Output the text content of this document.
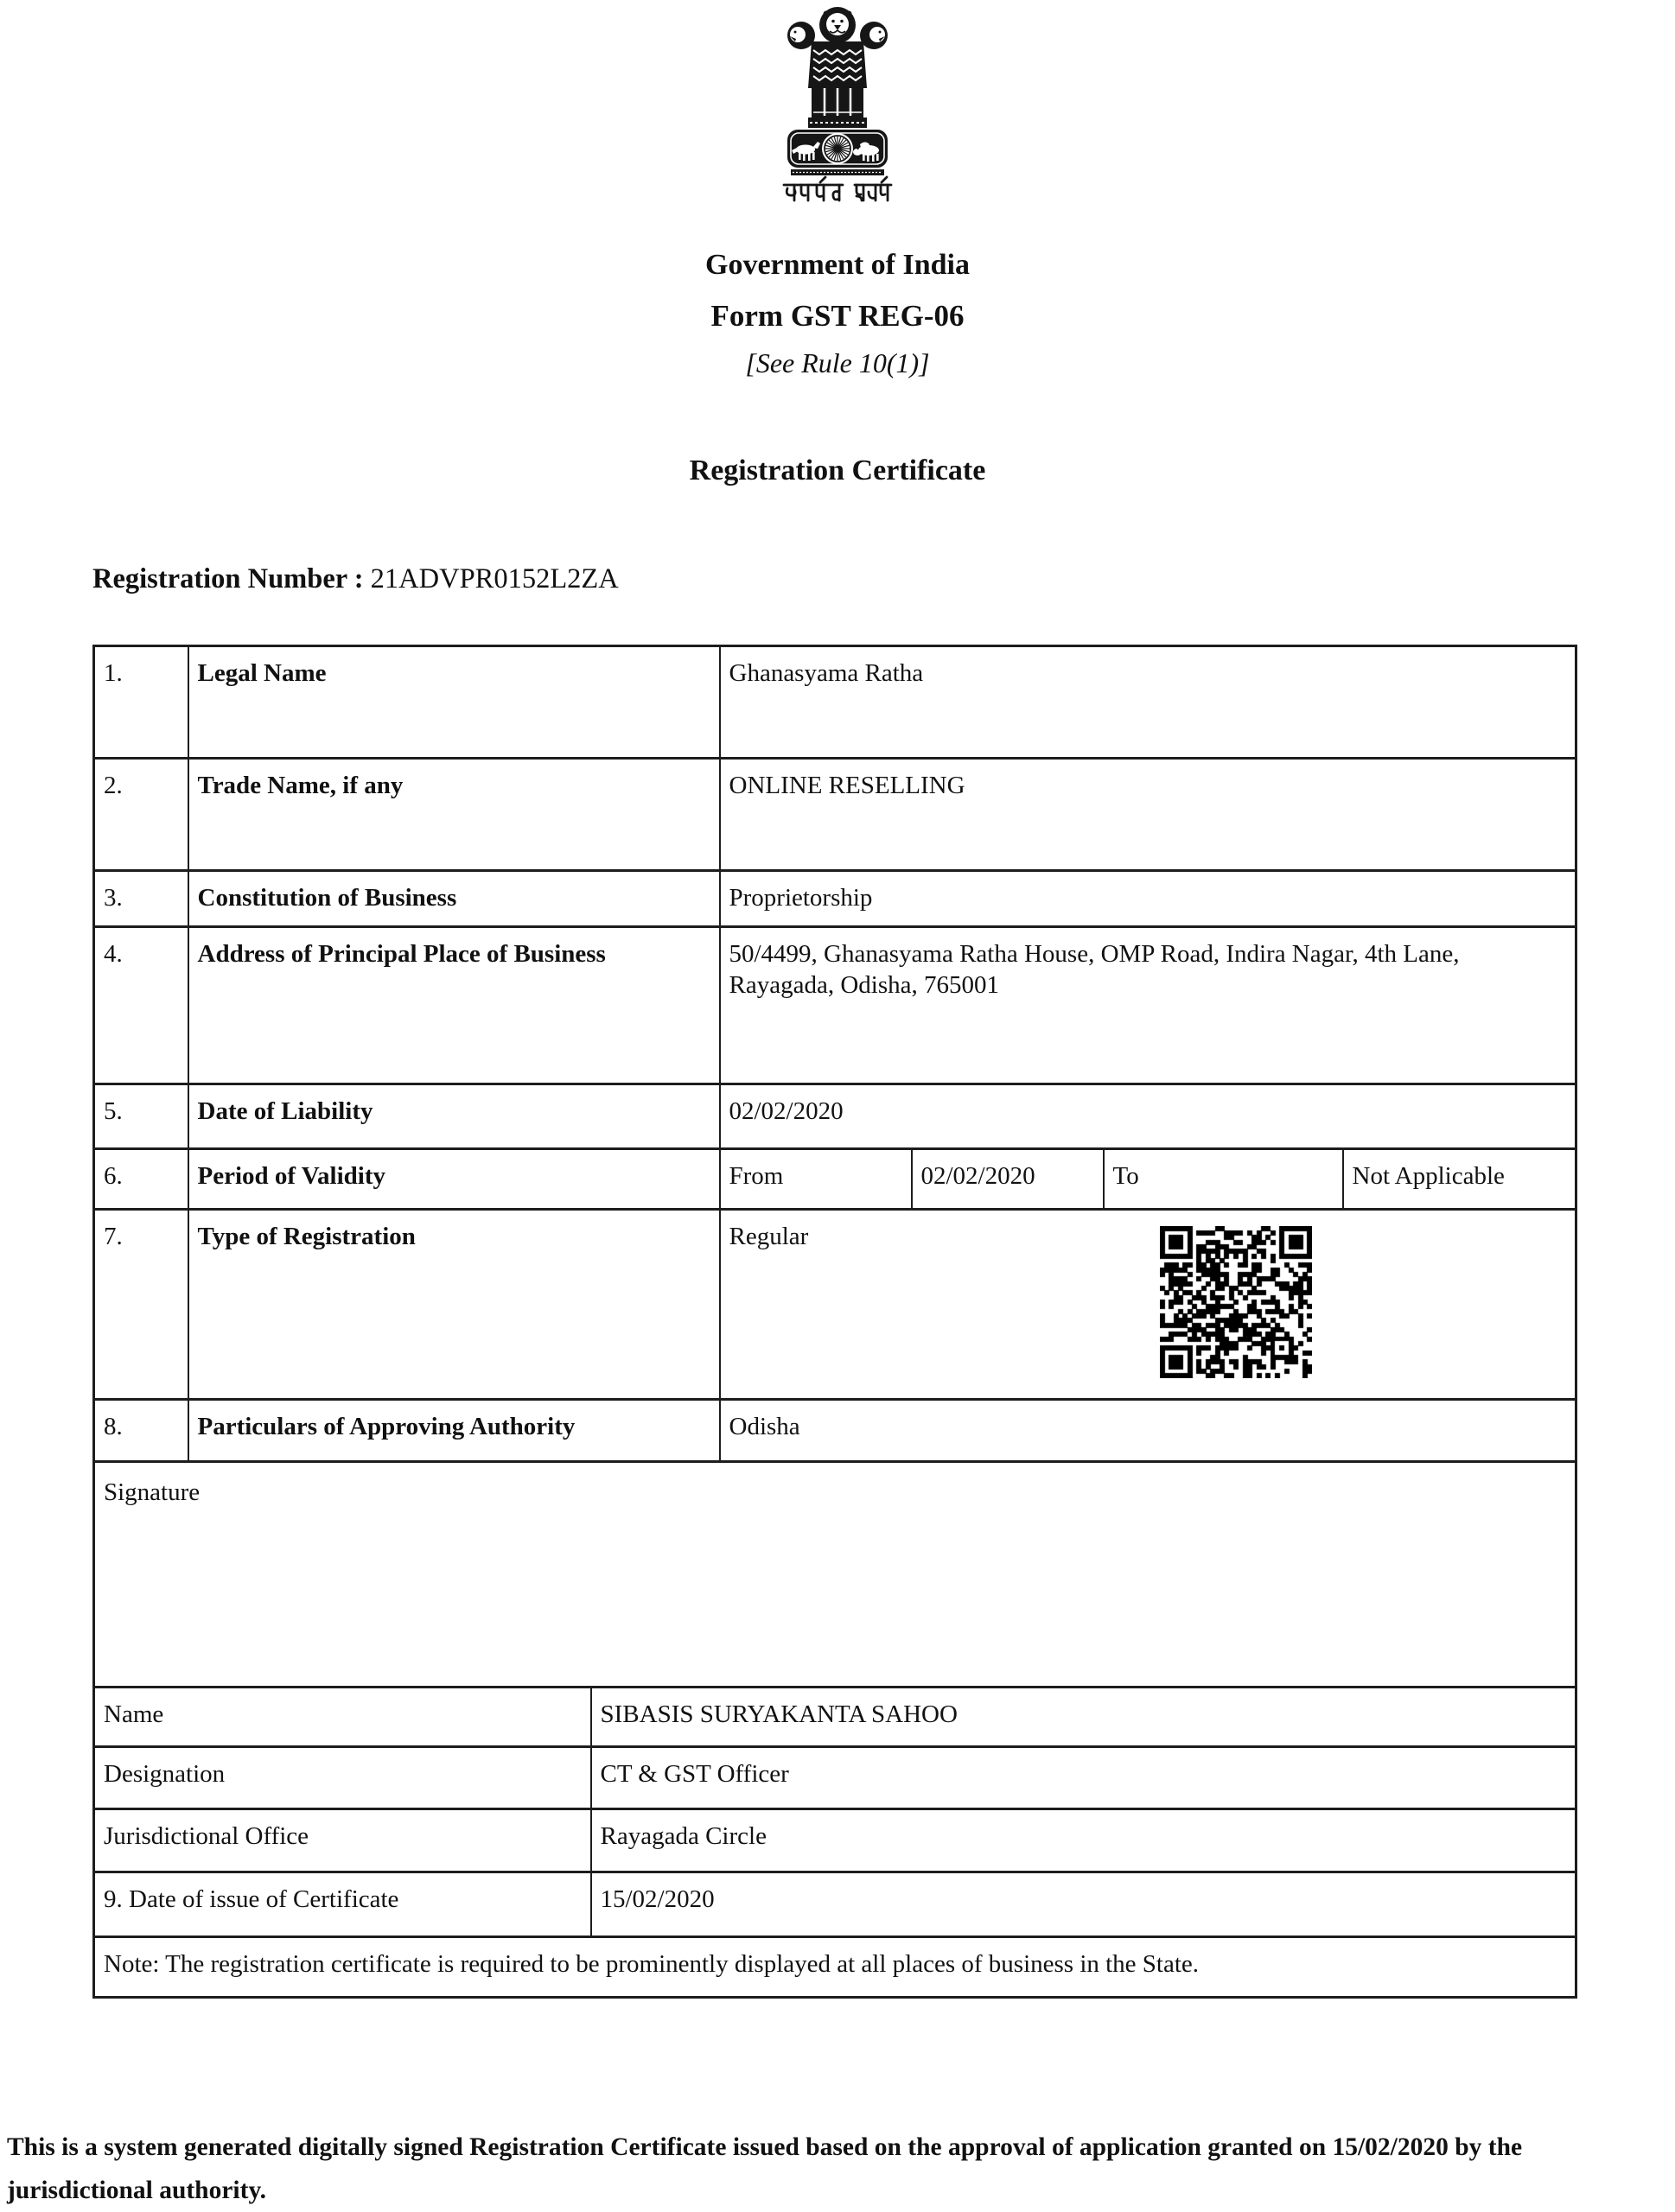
Government of India
Form GST REG-06
[See Rule 10(1)]
Registration Certificate
Registration Number : 21ADVPR0152L2ZA
1.	Legal Name		Ghanasyama Ratha			
2.	Trade Name, if any		ONLINE RESELLING			
3.	Constitution of Business		Proprietorship			
4.	Address of Principal Place of Business		50/4499, Ghanasyama Ratha House, OMP Road, Indira Nagar, 4th Lane, Rayagada, Odisha, 765001			
5.	Date of Liability		02/02/2020			
6.	Period of Validity		From	02/02/2020	To	Not Applicable
7.	Type of Registration		Regular			

8.	Particulars of Approving Authority		Odisha			
Signature						
Name		SIBASIS SURYAKANTA SAHOO				
Designation		CT & GST Officer				
Jurisdictional Office		Rayagada Circle				
9. Date of issue of Certificate		15/02/2020				
Note: The registration certificate is required to be prominently displayed at all places of business in the State.						
This is a system generated digitally signed Registration Certificate issued based on the approval of application granted on 15/02/2020 by the jurisdictional authority.
